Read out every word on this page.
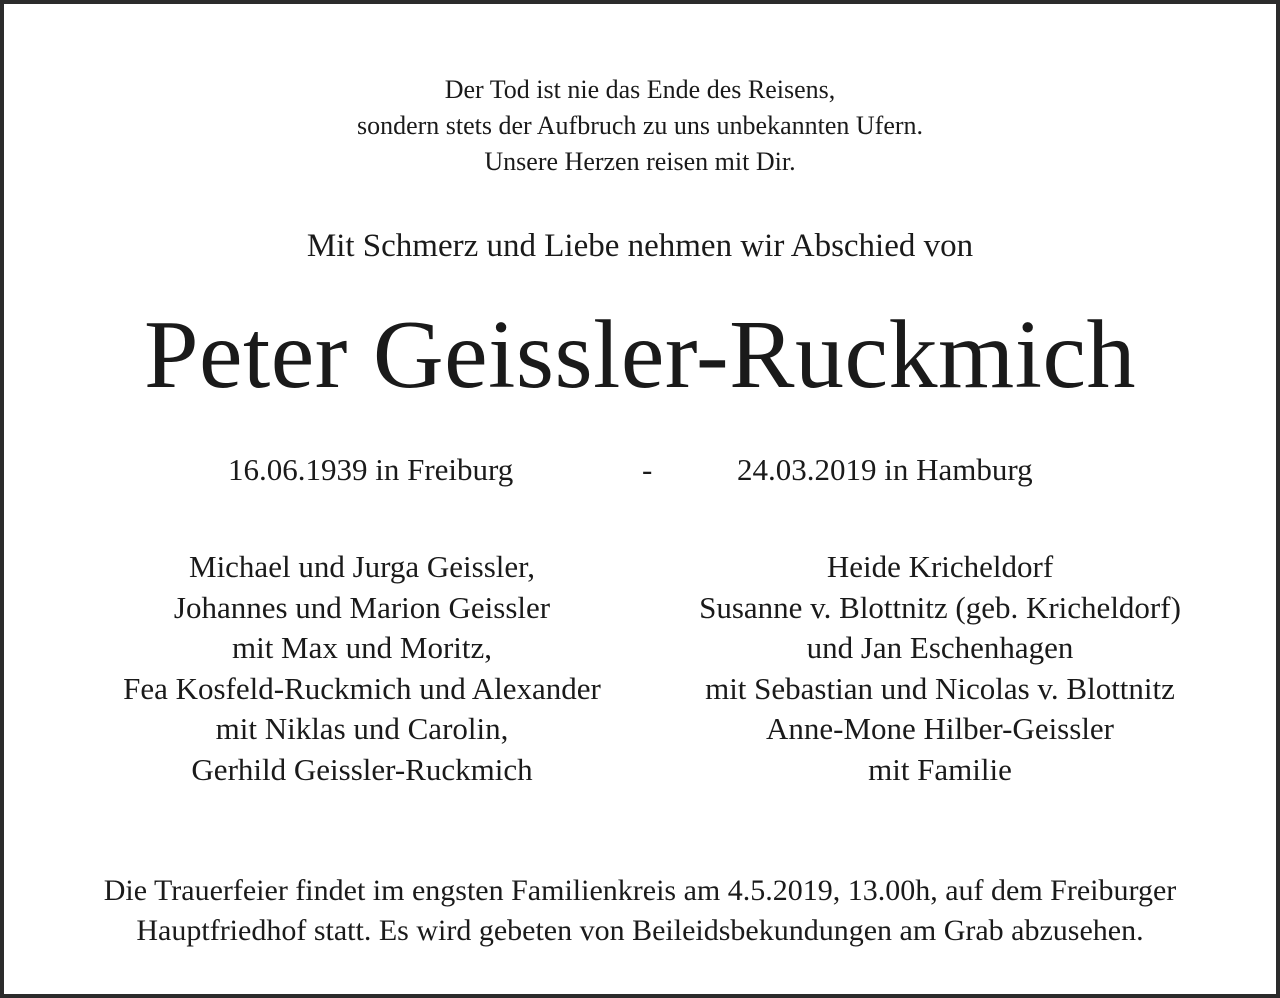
Der Tod ist nie das Ende des Reisens,
sondern stets der Aufbruch zu uns unbekannten Ufern.
Unsere Herzen reisen mit Dir.
Mit Schmerz und Liebe nehmen wir Abschied von
Peter Geissler-Ruckmich
16.06.1939 in Freiburg	-	24.03.2019 in Hamburg
Michael und Jurga Geissler,
Johannes und Marion Geissler
mit Max und Moritz,
Fea Kosfeld-Ruckmich und Alexander
mit Niklas und Carolin,
Gerhild Geissler-Ruckmich
Heide Kricheldorf
Susanne v. Blottnitz (geb. Kricheldorf)
und Jan Eschenhagen
mit Sebastian und Nicolas v. Blottnitz
Anne-Mone Hilber-Geissler
mit Familie
Die Trauerfeier findet im engsten Familienkreis am 4.5.2019, 13.00h, auf dem Freiburger
Hauptfriedhof statt. Es wird gebeten von Beileidsbekundungen am Grab abzusehen.
